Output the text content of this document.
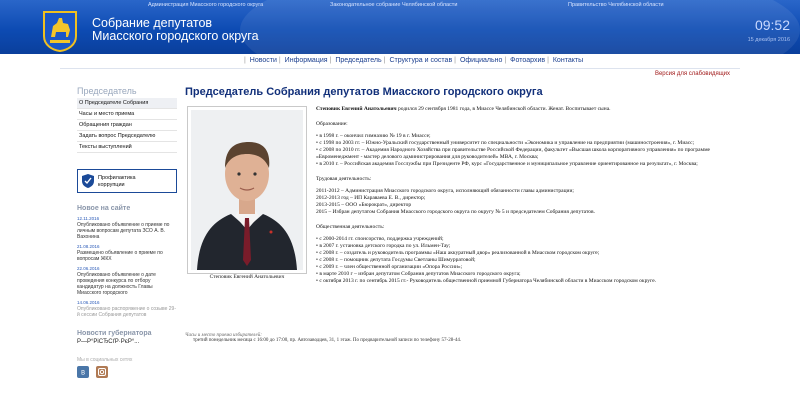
Администрация Миасского городского округа	Законодательное собрание Челябинской области	Правительство Челябинской области
Собрание депутатов
Миасского городского округа
09:52
15 декабря 2016
| Новости | Информация | Председатель | Структура и состав | Официально | Фотоархив | Контакты
Версия для слабовидящих
Председатель
О Председателе Собрания
Часы и место приема
Обращения граждан
Задать вопрос Председателю
Тексты выступлений
Профилактика
коррупции
Новое на сайте
12.11.2016
Опубликовано объявление о приеме по личным вопросам депутата ЗСО А. В. Вахонина
21.08.2016
Размещено объявление о приеме по вопросам ЖКХ
22.06.2016
Опубликовано объявление о дате проведения конкурса по отбору кандидатур на должность Главы Миасского городского
14.06.2016
Опубликовано распоряжение о созыве 29-й сессии Собрания депутатов
Новости губернатора
Р—Р°РіСЂСѓР·РєР°...
Мы в социальных сетях
B

Председатель Собрания депутатов Миасского городского округа
Степовик Евгений Анатольевич

Степовик Евгений Анатольевич родился 29 сентября 1981 года, в Миассе Челябинской области. Женат. Воспитывает сына.

Образование:

• в 1998 г. – окончил гимназию № 19 в г. Миассе;
• с 1998 по 2003 гг. – Южно-Уральский государственный университет по специальности «Экономика и управление на предприятии (машиностроения», г. Миасс;
• с 2008 по 2010 гг. – Академия Народного Хозяйства при правительстве Российской Федерации, факультет «Высшая школа корпоративного управления» по программе «Евроменеджмент - мастер делового администрирования для руководителей» МВА, г. Москва;
• в 2010 г. – Российская академия Госслужбы при Президенте РФ, курс «Государственное и муниципальное управление ориентированное на результат», г. Москва;

Трудовая деятельность:

2011-2012 – Администрация Миасского городского округа, исполняющий обязанности главы администрации;

2012-2013 год – ИП Караваева Е. В., директор;

2013-2015 – ООО «Бюрократ», директор

2015 – Избран депутатом Собрания Миасского городского округа по округу № 5 и председателем Собрания депутатов.

Общественная деятельность:

• с 2000-2014 гг. спонсорство, поддержка учреждений;
• в 2007 г. установка детского городка по ул. Ильмен-Тау;
• с 2008 г. – создатель и руководитель программы «Наш аккуратный двор» реализованной в Миасском городском округе;
• с 2008 г. – помощник депутата Госдумы Светланы Шимурратовой;
• с 2009 г. – член общественной организации «Опора России»;
• в марте 2010 г – избран депутатом Собрания депутатов Миасского городского округа;
• с октября 2013 г. по сентябрь 2015 гг.- Руководитель общественной приемной Губернатора Челябинской области в Миасском городском округе.
Часы и место приема избирателей:
третий понедельник месяца с 16:00 до 17:00, пр. Автозаводцев, 31, 1 этаж. По предварительной записи по телефону 57-28-44.
